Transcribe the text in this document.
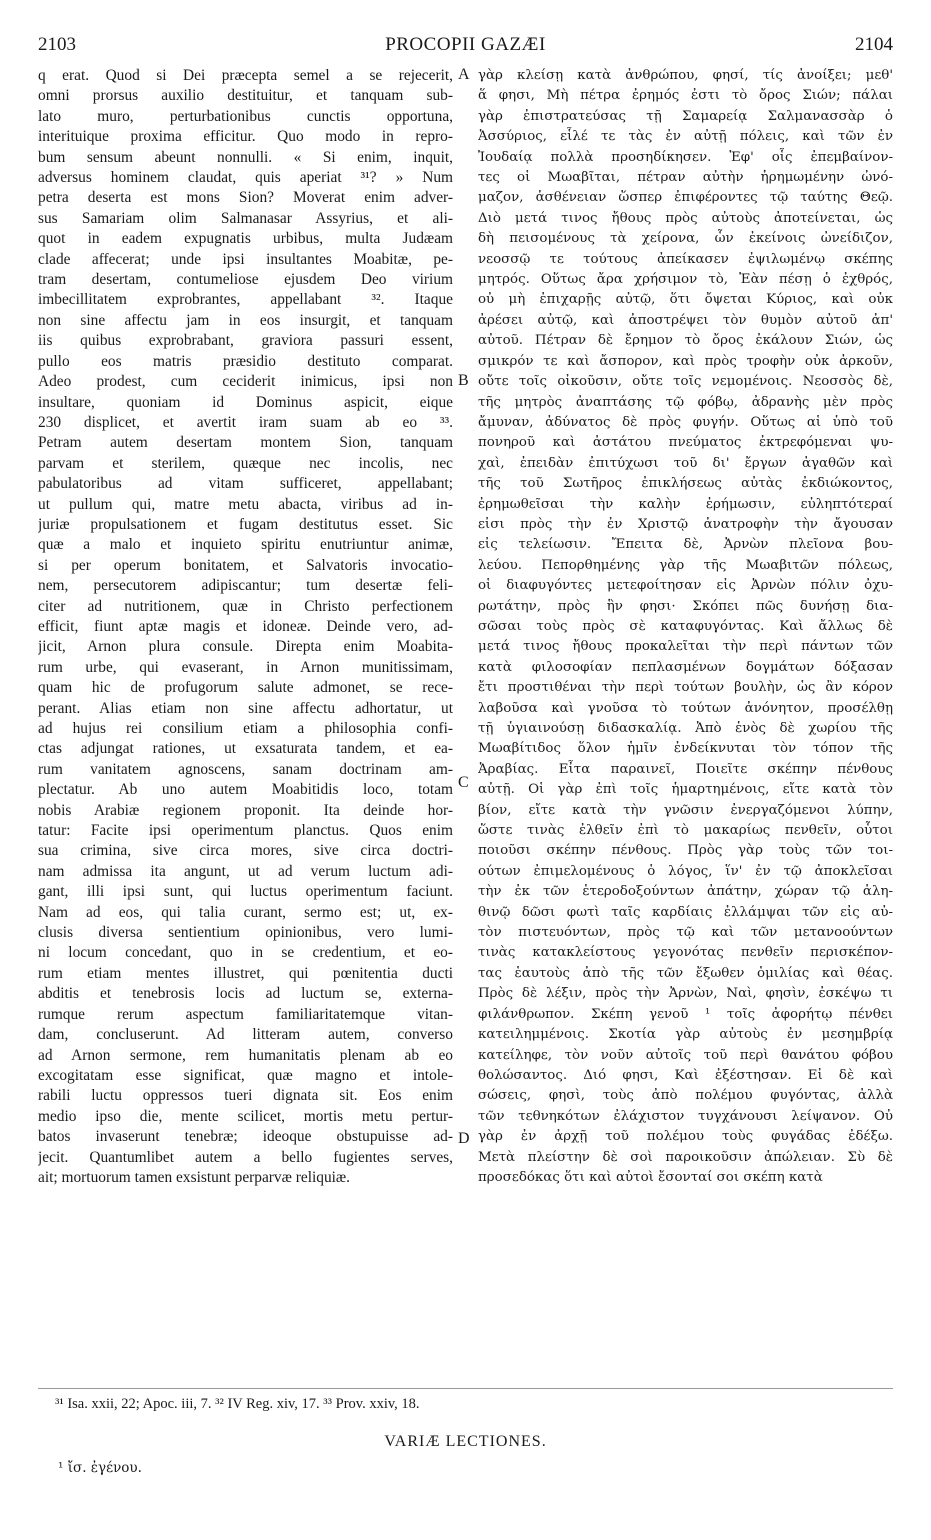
2103	PROCOPII GAZÆI	2104
q erat. Quod si Dei præcepta semel a se rejecerit,
omni prorsus auxilio destituitur, et tanquam sub-
lato muro, perturbationibus cunctis opportuna,
interituique proxima efficitur. Quo modo in repro-
bum sensum abeunt nonnulli. « Si enim, inquit,
adversus hominem claudat, quis aperiat ³¹? » Num
petra deserta est mons Sion? Moverat enim adver-
sus Samariam olim Salmanasar Assyrius, et ali-
quot in eadem expugnatis urbibus, multa Judæam
clade affecerat; unde ipsi insultantes Moabitæ, pe-
tram desertam, contumeliose ejusdem Deo virium
imbecillitatem exprobrantes, appellabant ³². Itaque
non sine affectu jam in eos insurgit, et tanquam
iis quibus exprobrabant, graviora passuri essent,
pullo eos matris præsidio destituto comparat.
Adeo prodest, cum ceciderit inimicus, ipsi non
insultare, quoniam id Dominus aspicit, eique
230 displicet, et avertit iram suam ab eo ³³.
Petram autem desertam montem Sion, tanquam
parvam et sterilem, quæque nec incolis, nec
pabulatoribus ad vitam sufficeret, appellabant;
ut pullum qui, matre metu abacta, viribus ad in-
juriæ propulsationem et fugam destitutus esset. Sic
quæ a malo et inquieto spiritu enutriuntur animæ,
si per operum bonitatem, et Salvatoris invocatio-
nem, persecutorem adipiscantur; tum desertæ feli-
citer ad nutritionem, quæ in Christo perfectionem
efficit, fiunt aptæ magis et idoneæ. Deinde vero, ad-
jicit, Arnon plura consule. Direpta enim Moabita-
rum urbe, qui evaserant, in Arnon munitissimam,
quam hic de profugorum salute admonet, se rece-
perant. Alias etiam non sine affectu adhortatur, ut
ad hujus rei consilium etiam a philosophia confi-
ctas adjungat rationes, ut exsaturata tandem, et ea-
rum vanitatem agnoscens, sanam doctrinam am-
plectatur. Ab uno autem Moabitidis loco, totam
nobis Arabiæ regionem proponit. Ita deinde hor-
tatur: Facite ipsi operimentum planctus. Quos enim
sua crimina, sive circa mores, sive circa doctri-
nam admissa ita angunt, ut ad verum luctum adi-
gant, illi ipsi sunt, qui luctus operimentum faciunt.
Nam ad eos, qui talia curant, sermo est; ut, ex-
clusis diversa sentientium opinionibus, vero lumi-
ni locum concedant, quo in se credentium, et eo-
rum etiam mentes illustret, qui pœnitentia ducti
abditis et tenebrosis locis ad luctum se, externa-
rumque rerum aspectum familiaritatemque vitan-
dam, concluserunt. Ad litteram autem, converso
ad Arnon sermone, rem humanitatis plenam ab eo
excogitatam esse significat, quæ magno et intole-
rabili luctu oppressos tueri dignata sit. Eos enim
medio ipso die, mente scilicet, mortis metu pertur-
batos invaserunt tenebræ; ideoque obstupuisse ad-
jecit. Quantumlibet autem a bello fugientes serves,
ait; mortuorum tamen exsistunt perparvæ reliquiæ.
γὰρ κλείσῃ κατὰ ἀνθρώπου, φησί, τίς ἀνοίξει; μεθ'
ἅ φησι, Μὴ πέτρα ἐρημός ἐστι τὸ ὄρος Σιών; πάλαι
γὰρ ἐπιστρατεύσας τῇ Σαμαρείᾳ Σαλμανασσὰρ ὁ
Ἀσσύριος, εἷλέ τε τὰς ἐν αὐτῇ πόλεις, καὶ τῶν ἐν
Ἰουδαίᾳ πολλὰ προσηδίκησεν. Ἐφ' οἷς ἐπεμβαίνον-
τες οἱ Μωαβῖται, πέτραν αὐτὴν ἠρημωμένην ὠνό-
μαζον, ἀσθένειαν ὥσπερ ἐπιφέροντες τῷ ταύτης Θεῷ.
Διὸ μετά τινος ἤθους πρὸς αὐτοὺς ἀποτείνεται, ὡς
δὴ πεισομένους τὰ χείρονα, ὧν ἐκείνοις ὠνείδιζον,
νεοσσῷ τε τούτους ἀπείκασεν ἐψιλωμένῳ σκέπης
μητρός. Οὕτως ἄρα χρήσιμον τὸ, Ἐὰν πέσῃ ὁ ἐχθρός,
οὐ μὴ ἐπιχαρῇς αὐτῷ, ὅτι ὄψεται Κύριος, καὶ οὐκ
ἀρέσει αὐτῷ, καὶ ἀποστρέψει τὸν θυμὸν αὐτοῦ ἀπ'
αὐτοῦ. Πέτραν δὲ ἔρημον τὸ ὄρος ἐκάλουν Σιών, ὡς
σμικρόν τε καὶ ἄσπορον, καὶ πρὸς τροφὴν οὐκ ἀρκοῦν,
οὔτε τοῖς οἰκοῦσιν, οὔτε τοῖς νεμομένοις. Νεοσσὸς δὲ,
τῆς μητρὸς ἀναπτάσης τῷ φόβῳ, ἀδρανὴς μὲν πρὸς
ἄμυναν, ἀδύνατος δὲ πρὸς φυγήν. Οὕτως αἱ ὑπὸ τοῦ
πονηροῦ καὶ ἀστάτου πνεύματος ἐκτρεφόμεναι ψυ-
χαὶ, ἐπειδὰν ἐπιτύχωσι τοῦ δι' ἔργων ἀγαθῶν καὶ
τῆς τοῦ Σωτῆρος ἐπικλήσεως αὐτὰς ἐκδιώκοντος,
ἐρημωθεῖσαι τὴν καλὴν ἐρήμωσιν, εὐληπτότεραί
εἰσι πρὸς τὴν ἐν Χριστῷ ἀνατροφὴν τὴν ἄγουσαν
εἰς τελείωσιν. Ἔπειτα δὲ, Ἀρνὼν πλεῖονα βου-
λεύου. Πεπορθημένης γὰρ τῆς Μωαβιτῶν πόλεως,
οἱ διαφυγόντες μετεφοίτησαν εἰς Ἀρνὼν πόλιν ὀχυ-
ρωτάτην, πρὸς ἣν φησι· Σκόπει πῶς δυνήσῃ δια-
σῶσαι τοὺς πρὸς σὲ καταφυγόντας. Καὶ ἄλλως δὲ
μετά τινος ἤθους προκαλεῖται τὴν περὶ πάντων τῶν
κατὰ φιλοσοφίαν πεπλασμένων δογμάτων δόξασαν
ἔτι προστιθέναι τὴν περὶ τούτων βουλὴν, ὡς ἂν κόρον
λαβοῦσα καὶ γνοῦσα τὸ τούτων ἀνόνητον, προσέλθῃ
τῇ ὑγιαινούσῃ διδασκαλίᾳ. Ἀπὸ ἑνὸς δὲ χωρίου τῆς
Μωαβίτιδος ὅλον ἡμῖν ἐνδείκνυται τὸν τόπον τῆς
Ἀραβίας. Εἶτα παραινεῖ, Ποιεῖτε σκέπην πένθους
αὐτῇ. Οἱ γὰρ ἐπὶ τοῖς ἡμαρτημένοις, εἴτε κατὰ τὸν
βίον, εἴτε κατὰ τὴν γνῶσιν ἐνεργαζόμενοι λύπην,
ὥστε τινὰς ἐλθεῖν ἐπὶ τὸ μακαρίως πενθεῖν, οὗτοι
ποιοῦσι σκέπην πένθους. Πρὸς γὰρ τοὺς τῶν τοι-
ούτων ἐπιμελομένους ὁ λόγος, ἵν' ἐν τῷ ἀποκλεῖσαι
τὴν ἐκ τῶν ἑτεροδοξούντων ἀπάτην, χώραν τῷ ἀλη-
θινῷ δῶσι φωτὶ ταῖς καρδίαις ἐλλάμψαι τῶν εἰς αὐ-
τὸν πιστευόντων, πρὸς τῷ καὶ τῶν μετανοούντων
τινὰς κατακλείστους γεγονότας πενθεῖν περισκέπον-
τας ἑαυτοὺς ἀπὸ τῆς τῶν ἔξωθεν ὁμιλίας καὶ θέας.
Πρὸς δὲ λέξιν, πρὸς τὴν Ἀρνὼν, Ναὶ, φησὶν, ἐσκέψω τι
φιλάνθρωπον. Σκέπη γενοῦ ¹ τοῖς ἀφορήτῳ πένθει
κατειλημμένοις. Σκοτία γὰρ αὐτοὺς ἐν μεσημβρίᾳ
κατείληφε, τὸν νοῦν αὐτοῖς τοῦ περὶ θανάτου φόβου
θολώσαντος. Διό φησι, Καὶ ἐξέστησαν. Εἰ δὲ καὶ
σώσεις, φησὶ, τοὺς ἀπὸ πολέμου φυγόντας, ἀλλὰ
τῶν τεθνηκότων ἐλάχιστον τυγχάνουσι λείψανον. Οὐ
γὰρ ἐν ἀρχῇ τοῦ πολέμου τοὺς φυγάδας ἐδέξω.
Μετὰ πλείστην δὲ σοὶ παροικοῦσιν ἀπώλειαν. Σὺ δὲ
προσεδόκας ὅτι καὶ αὐτοὶ ἔσονταί σοι σκέπη κατὰ
A
B
C
D
³¹ Isa. xxii, 22; Apoc. iii, 7. ³² IV Reg. xiv, 17. ³³ Prov. xxiv, 18.
VARIÆ LECTIONES.
¹ ἴσ. ἐγένου.
